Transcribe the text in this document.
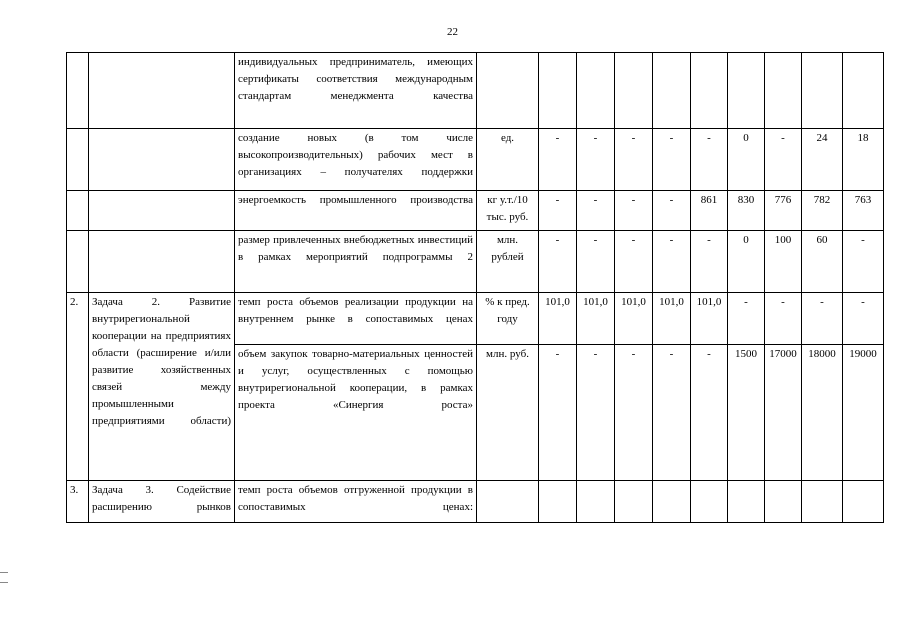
22
		индивидуальных предприниматель, имеющих сертификаты соответствия международным стандартам менеджмента качества										
		создание новых (в том числе высокопроизводительных) рабочих мест в организациях – получателях поддержки	ед.	-	-	-	-	-	0	-	24	18
		энергоемкость промышленного производства	кг у.т./10 тыс. руб.	-	-	-	-	861	830	776	782	763
		размер привлеченных внебюджетных инвестиций в рамках мероприятий подпрограммы 2	млн. рублей	-	-	-	-	-	0	100	60	-
2.	Задача 2. Развитие внутрирегиональной кооперации на предприятиях области (расширение и/или развитие хозяйственных связей между промышленными предприятиями области)	темп роста объемов реализации продукции на внутреннем рынке в сопоставимых ценах	% к пред. году	101,0	101,0	101,0	101,0	101,0	-	-	-	-
		объем закупок товарно-материальных ценностей и услуг, осуществленных с помощью внутрирегиональной кооперации, в рамках проекта «Синергия роста»	млн. руб.	-	-	-	-	-	1500	17000	18000	19000
3.	Задача 3. Содействие расширению рынков	темп роста объемов отгруженной продукции в сопоставимых ценах:										
